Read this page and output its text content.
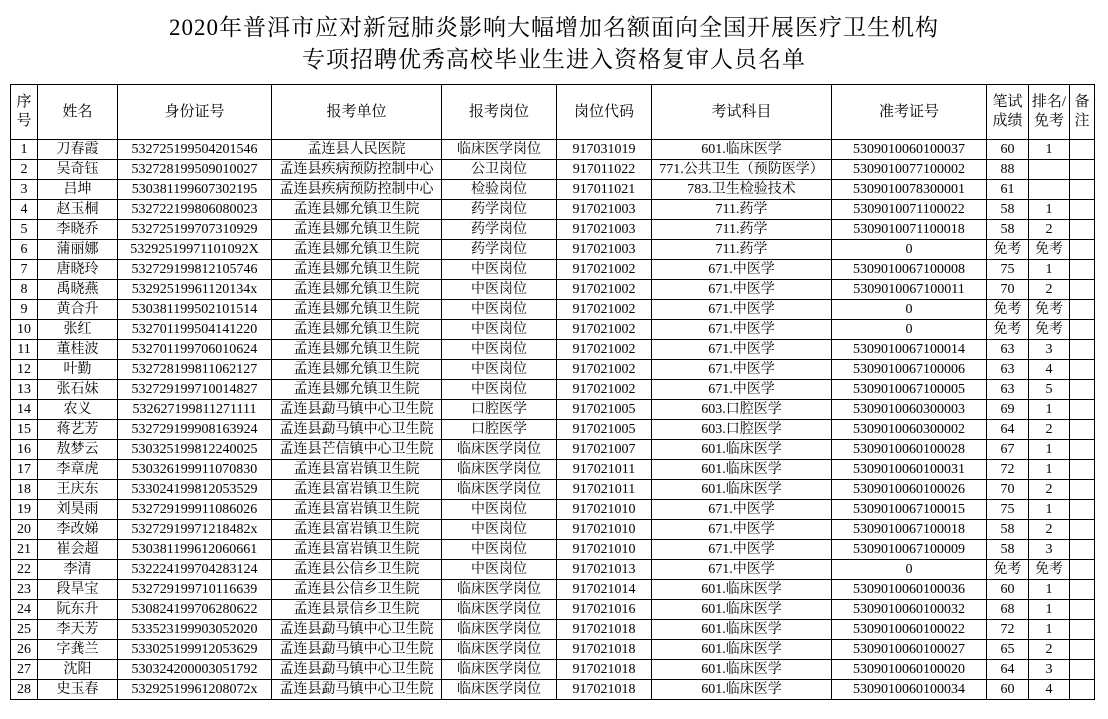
2020年普洱市应对新冠肺炎影响大幅增加名额面向全国开展医疗卫生机构
专项招聘优秀高校毕业生进入资格复审人员名单
序号	姓名	身份证号	报考单位	报考岗位	岗位代码	考试科目	准考证号	笔试成绩	排名/免考	备注
1	刀春霞	532725199504201546	孟连县人民医院	临床医学岗位	917031019	601.临床医学	5309010060100037	60	1	
2	吴奇钰	532728199509010027	孟连县疾病预防控制中心	公卫岗位	917011022	771.公共卫生（预防医学）	5309010077100002	88		
3	吕坤	530381199607302195	孟连县疾病预防控制中心	检验岗位	917011021	783.卫生检验技术	5309010078300001	61		
4	赵玉桐	532722199806080023	孟连县娜允镇卫生院	药学岗位	917021003	711.药学	5309010071100022	58	1	
5	李晓乔	532725199707310929	孟连县娜允镇卫生院	药学岗位	917021003	711.药学	5309010071100018	58	2	
6	蒲丽娜	53292519971101092X	孟连县娜允镇卫生院	药学岗位	917021003	711.药学	0	免考	免考	
7	唐晓玲	532729199812105746	孟连县娜允镇卫生院	中医岗位	917021002	671.中医学	5309010067100008	75	1	
8	禹晓燕	53292519961120134x	孟连县娜允镇卫生院	中医岗位	917021002	671.中医学	5309010067100011	70	2	
9	黄合升	530381199502101514	孟连县娜允镇卫生院	中医岗位	917021002	671.中医学	0	免考	免考	
10	张红	532701199504141220	孟连县娜允镇卫生院	中医岗位	917021002	671.中医学	0	免考	免考	
11	董桂波	532701199706010624	孟连县娜允镇卫生院	中医岗位	917021002	671.中医学	5309010067100014	63	3	
12	叶勤	532728199811062127	孟连县娜允镇卫生院	中医岗位	917021002	671.中医学	5309010067100006	63	4	
13	张石妹	532729199710014827	孟连县娜允镇卫生院	中医岗位	917021002	671.中医学	5309010067100005	63	5	
14	农义	532627199811271111	孟连县勐马镇中心卫生院	口腔医学	917021005	603.口腔医学	5309010060300003	69	1	
15	蒋艺芳	532729199908163924	孟连县勐马镇中心卫生院	口腔医学	917021005	603.口腔医学	5309010060300002	64	2	
16	敖梦云	530325199812240025	孟连县芒信镇中心卫生院	临床医学岗位	917021007	601.临床医学	5309010060100028	67	1	
17	李章虎	530326199911070830	孟连县富岩镇卫生院	临床医学岗位	917021011	601.临床医学	5309010060100031	72	1	
18	王庆东	533024199812053529	孟连县富岩镇卫生院	临床医学岗位	917021011	601.临床医学	5309010060100026	70	2	
19	刘昊雨	532729199911086026	孟连县富岩镇卫生院	中医岗位	917021010	671.中医学	5309010067100015	75	1	
20	李改娣	53272919971218482x	孟连县富岩镇卫生院	中医岗位	917021010	671.中医学	5309010067100018	58	2	
21	崔会超	530381199612060661	孟连县富岩镇卫生院	中医岗位	917021010	671.中医学	5309010067100009	58	3	
22	李清	532224199704283124	孟连县公信乡卫生院	中医岗位	917021013	671.中医学	0	免考	免考	
23	段旱宝	532729199710116639	孟连县公信乡卫生院	临床医学岗位	917021014	601.临床医学	5309010060100036	60	1	
24	阮东升	530824199706280622	孟连县景信乡卫生院	临床医学岗位	917021016	601.临床医学	5309010060100032	68	1	
25	李天芳	533523199903052020	孟连县勐马镇中心卫生院	临床医学岗位	917021018	601.临床医学	5309010060100022	72	1	
26	字龚兰	533025199912053629	孟连县勐马镇中心卫生院	临床医学岗位	917021018	601.临床医学	5309010060100027	65	2	
27	沈阳	530324200003051792	孟连县勐马镇中心卫生院	临床医学岗位	917021018	601.临床医学	5309010060100020	64	3	
28	史玉春	53292519961208072x	孟连县勐马镇中心卫生院	临床医学岗位	917021018	601.临床医学	5309010060100034	60	4	
